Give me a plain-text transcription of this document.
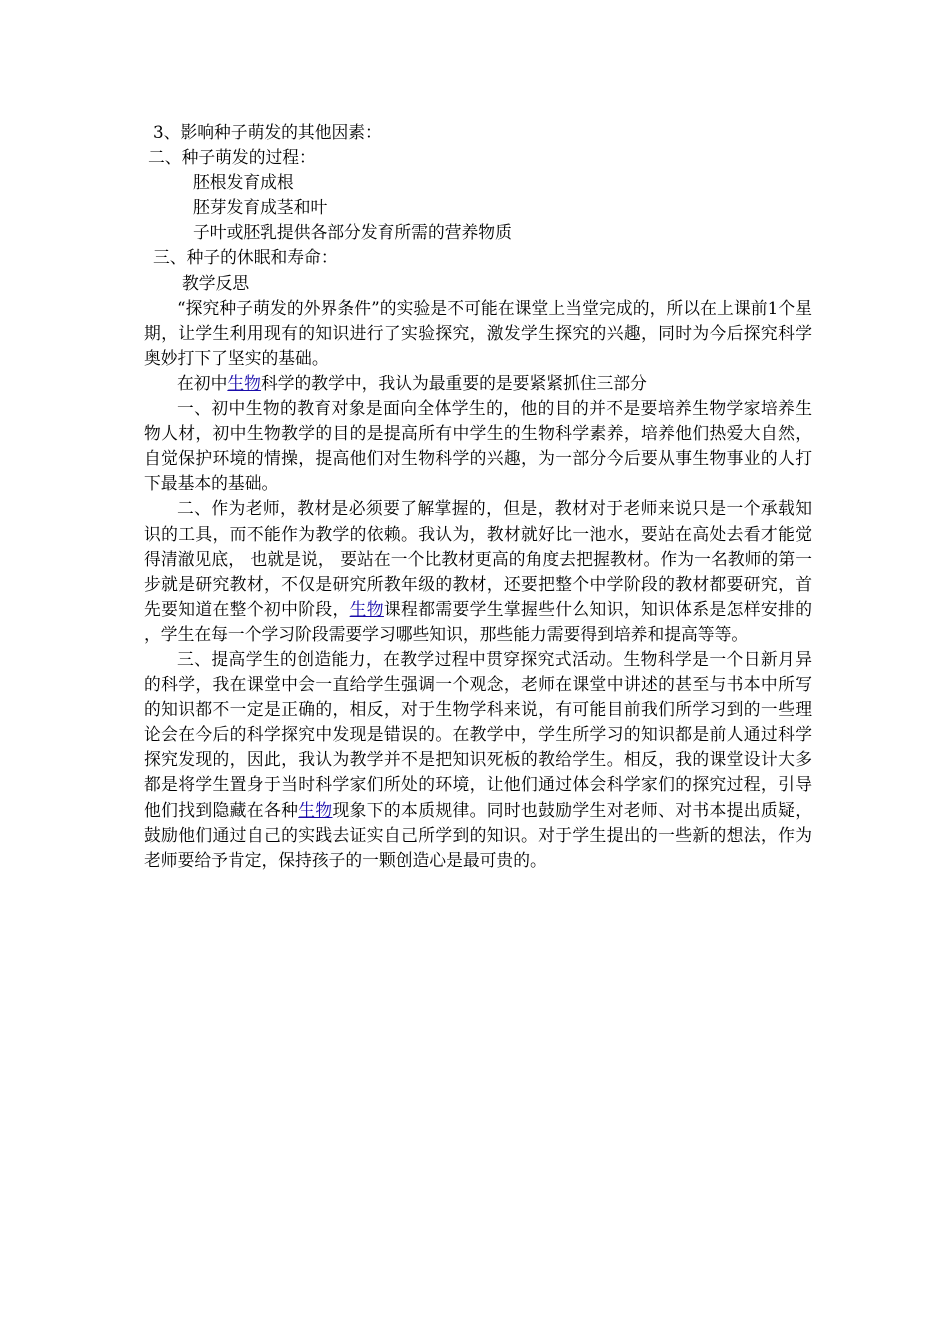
3、影响种子萌发的其他因素：
二、种子萌发的过程：
胚根发育成根
胚芽发育成茎和叶
子叶或胚乳提供各部分发育所需的营养物质
三、种子的休眠和寿命：
教学反思
“探究种子萌发的外界条件”的实验是不可能在课堂上当堂完成的，所以在上课前1个星期，让学生利用现有的知识进行了实验探究，激发学生探究的兴趣，同时为今后探究科学奥妙打下了坚实的基础。
在初中生物科学的教学中，我认为最重要的是要紧紧抓住三部分
一、初中生物的教育对象是面向全体学生的，他的目的并不是要培养生物学家培养生物人材，初中生物教学的目的是提高所有中学生的生物科学素养，培养他们热爱大自然，自觉保护环境的情操，提高他们对生物科学的兴趣，为一部分今后要从事生物事业的人打下最基本的基础。
二、作为老师，教材是必须要了解掌握的，但是，教材对于老师来说只是一个承载知识的工具，而不能作为教学的依赖。我认为，教材就好比一池水，要站在高处去看才能觉得清澈见底， 也就是说， 要站在一个比教材更高的角度去把握教材。作为一名教师的第一步就是研究教材，不仅是研究所教年级的教材，还要把整个中学阶段的教材都要研究，首先要知道在整个初中阶段，生物课程都需要学生掌握些什么知识，知识体系是怎样安排的，学生在每一个学习阶段需要学习哪些知识，那些能力需要得到培养和提高等等。
三、提高学生的创造能力，在教学过程中贯穿探究式活动。生物科学是一个日新月异的科学，我在课堂中会一直给学生强调一个观念，老师在课堂中讲述的甚至与书本中所写的知识都不一定是正确的，相反，对于生物学科来说，有可能目前我们所学习到的一些理论会在今后的科学探究中发现是错误的。在教学中，学生所学习的知识都是前人通过科学探究发现的，因此，我认为教学并不是把知识死板的教给学生。相反，我的课堂设计大多都是将学生置身于当时科学家们所处的环境，让他们通过体会科学家们的探究过程，引导他们找到隐藏在各种生物现象下的本质规律。同时也鼓励学生对老师、对书本提出质疑，鼓励他们通过自己的实践去证实自己所学到的知识。对于学生提出的一些新的想法，作为老师要给予肯定，保持孩子的一颗创造心是最可贵的。
